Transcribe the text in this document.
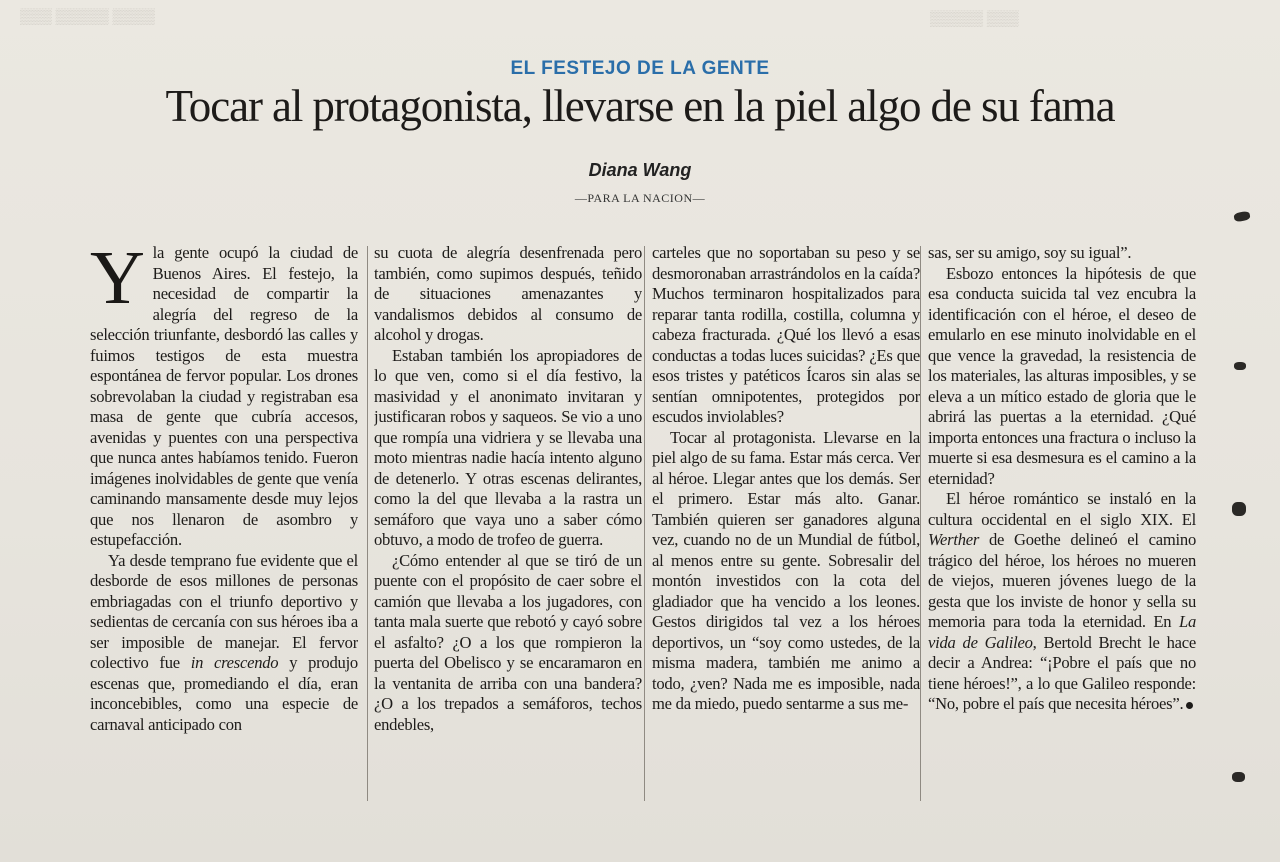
▒▒▒ ▒▒▒▒▒ ▒▒▒▒	▒▒▒▒▒ ▒▒▒
EL FESTEJO DE LA GENTE
Tocar al protagonista, llevarse en la piel algo de su fama
Diana Wang
—PARA LA NACION—

Y la gente ocupó la ciudad de Buenos Aires. El festejo, la necesidad de compartir la alegría del regreso de la selección triunfante, desbordó las calles y fuimos testigos de esta muestra espontánea de fervor popular. Los drones sobrevolaban la ciudad y registraban esa masa de gente que cubría accesos, avenidas y puentes con una perspectiva que nunca antes habíamos tenido. Fueron imágenes inolvidables de gente que venía caminando mansamente desde muy lejos que nos llenaron de asombro y estupefacción.

Ya desde temprano fue evidente que el desborde de esos millones de personas embriagadas con el triunfo deportivo y sedientas de cercanía con sus héroes iba a ser imposible de manejar. El fervor colectivo fue in crescendo y produjo escenas que, promediando el día, eran inconcebibles, como una especie de carnaval anticipado con

su cuota de alegría desenfrenada pero también, como supimos después, teñido de situaciones amenazantes y vandalismos debidos al consumo de alcohol y drogas.

Estaban también los apropiadores de lo que ven, como si el día festivo, la masividad y el anonimato invitaran y justificaran robos y saqueos. Se vio a uno que rompía una vidriera y se llevaba una moto mientras nadie hacía intento alguno de detenerlo. Y otras escenas delirantes, como la del que llevaba a la rastra un semáforo que vaya uno a saber cómo obtuvo, a modo de trofeo de guerra.

¿Cómo entender al que se tiró de un puente con el propósito de caer sobre el camión que llevaba a los jugadores, con tanta mala suerte que rebotó y cayó sobre el asfalto? ¿O a los que rompieron la puerta del Obelisco y se encaramaron en la ventanita de arriba con una bandera? ¿O a los trepados a semáforos, techos endebles,

carteles que no soportaban su peso y se desmoronaban arrastrándolos en la caída? Muchos terminaron hospitalizados para reparar tanta rodilla, costilla, columna y cabeza fracturada. ¿Qué los llevó a esas conductas a todas luces suicidas? ¿Es que esos tristes y patéticos Ícaros sin alas se sentían omnipotentes, protegidos por escudos inviolables?

Tocar al protagonista. Llevarse en la piel algo de su fama. Estar más cerca. Ver al héroe. Llegar antes que los demás. Ser el primero. Estar más alto. Ganar. También quieren ser ganadores alguna vez, cuando no de un Mundial de fútbol, al menos entre su gente. Sobresalir del montón investidos con la cota del gladiador que ha vencido a los leones. Gestos dirigidos tal vez a los héroes deportivos, un “soy como ustedes, de la misma madera, también me animo a todo, ¿ven? Nada me es imposible, nada me da miedo, puedo sentarme a sus me-

sas, ser su amigo, soy su igual”.

Esbozo entonces la hipótesis de que esa conducta suicida tal vez encubra la identificación con el héroe, el deseo de emularlo en ese minuto inolvidable en el que vence la gravedad, la resistencia de los materiales, las alturas imposibles, y se eleva a un mítico estado de gloria que le abrirá las puertas a la eternidad. ¿Qué importa entonces una fractura o incluso la muerte si esa desmesura es el camino a la eternidad?

El héroe romántico se instaló en la cultura occidental en el siglo XIX. El Werther de Goethe delineó el camino trágico del héroe, los héroes no mueren de viejos, mueren jóvenes luego de la gesta que los inviste de honor y sella su memoria para toda la eternidad. En La vida de Galileo, Bertold Brecht le hace decir a Andrea: “¡Pobre el país que no tiene héroes!”, a lo que Galileo responde: “No, pobre el país que necesita héroes”.
